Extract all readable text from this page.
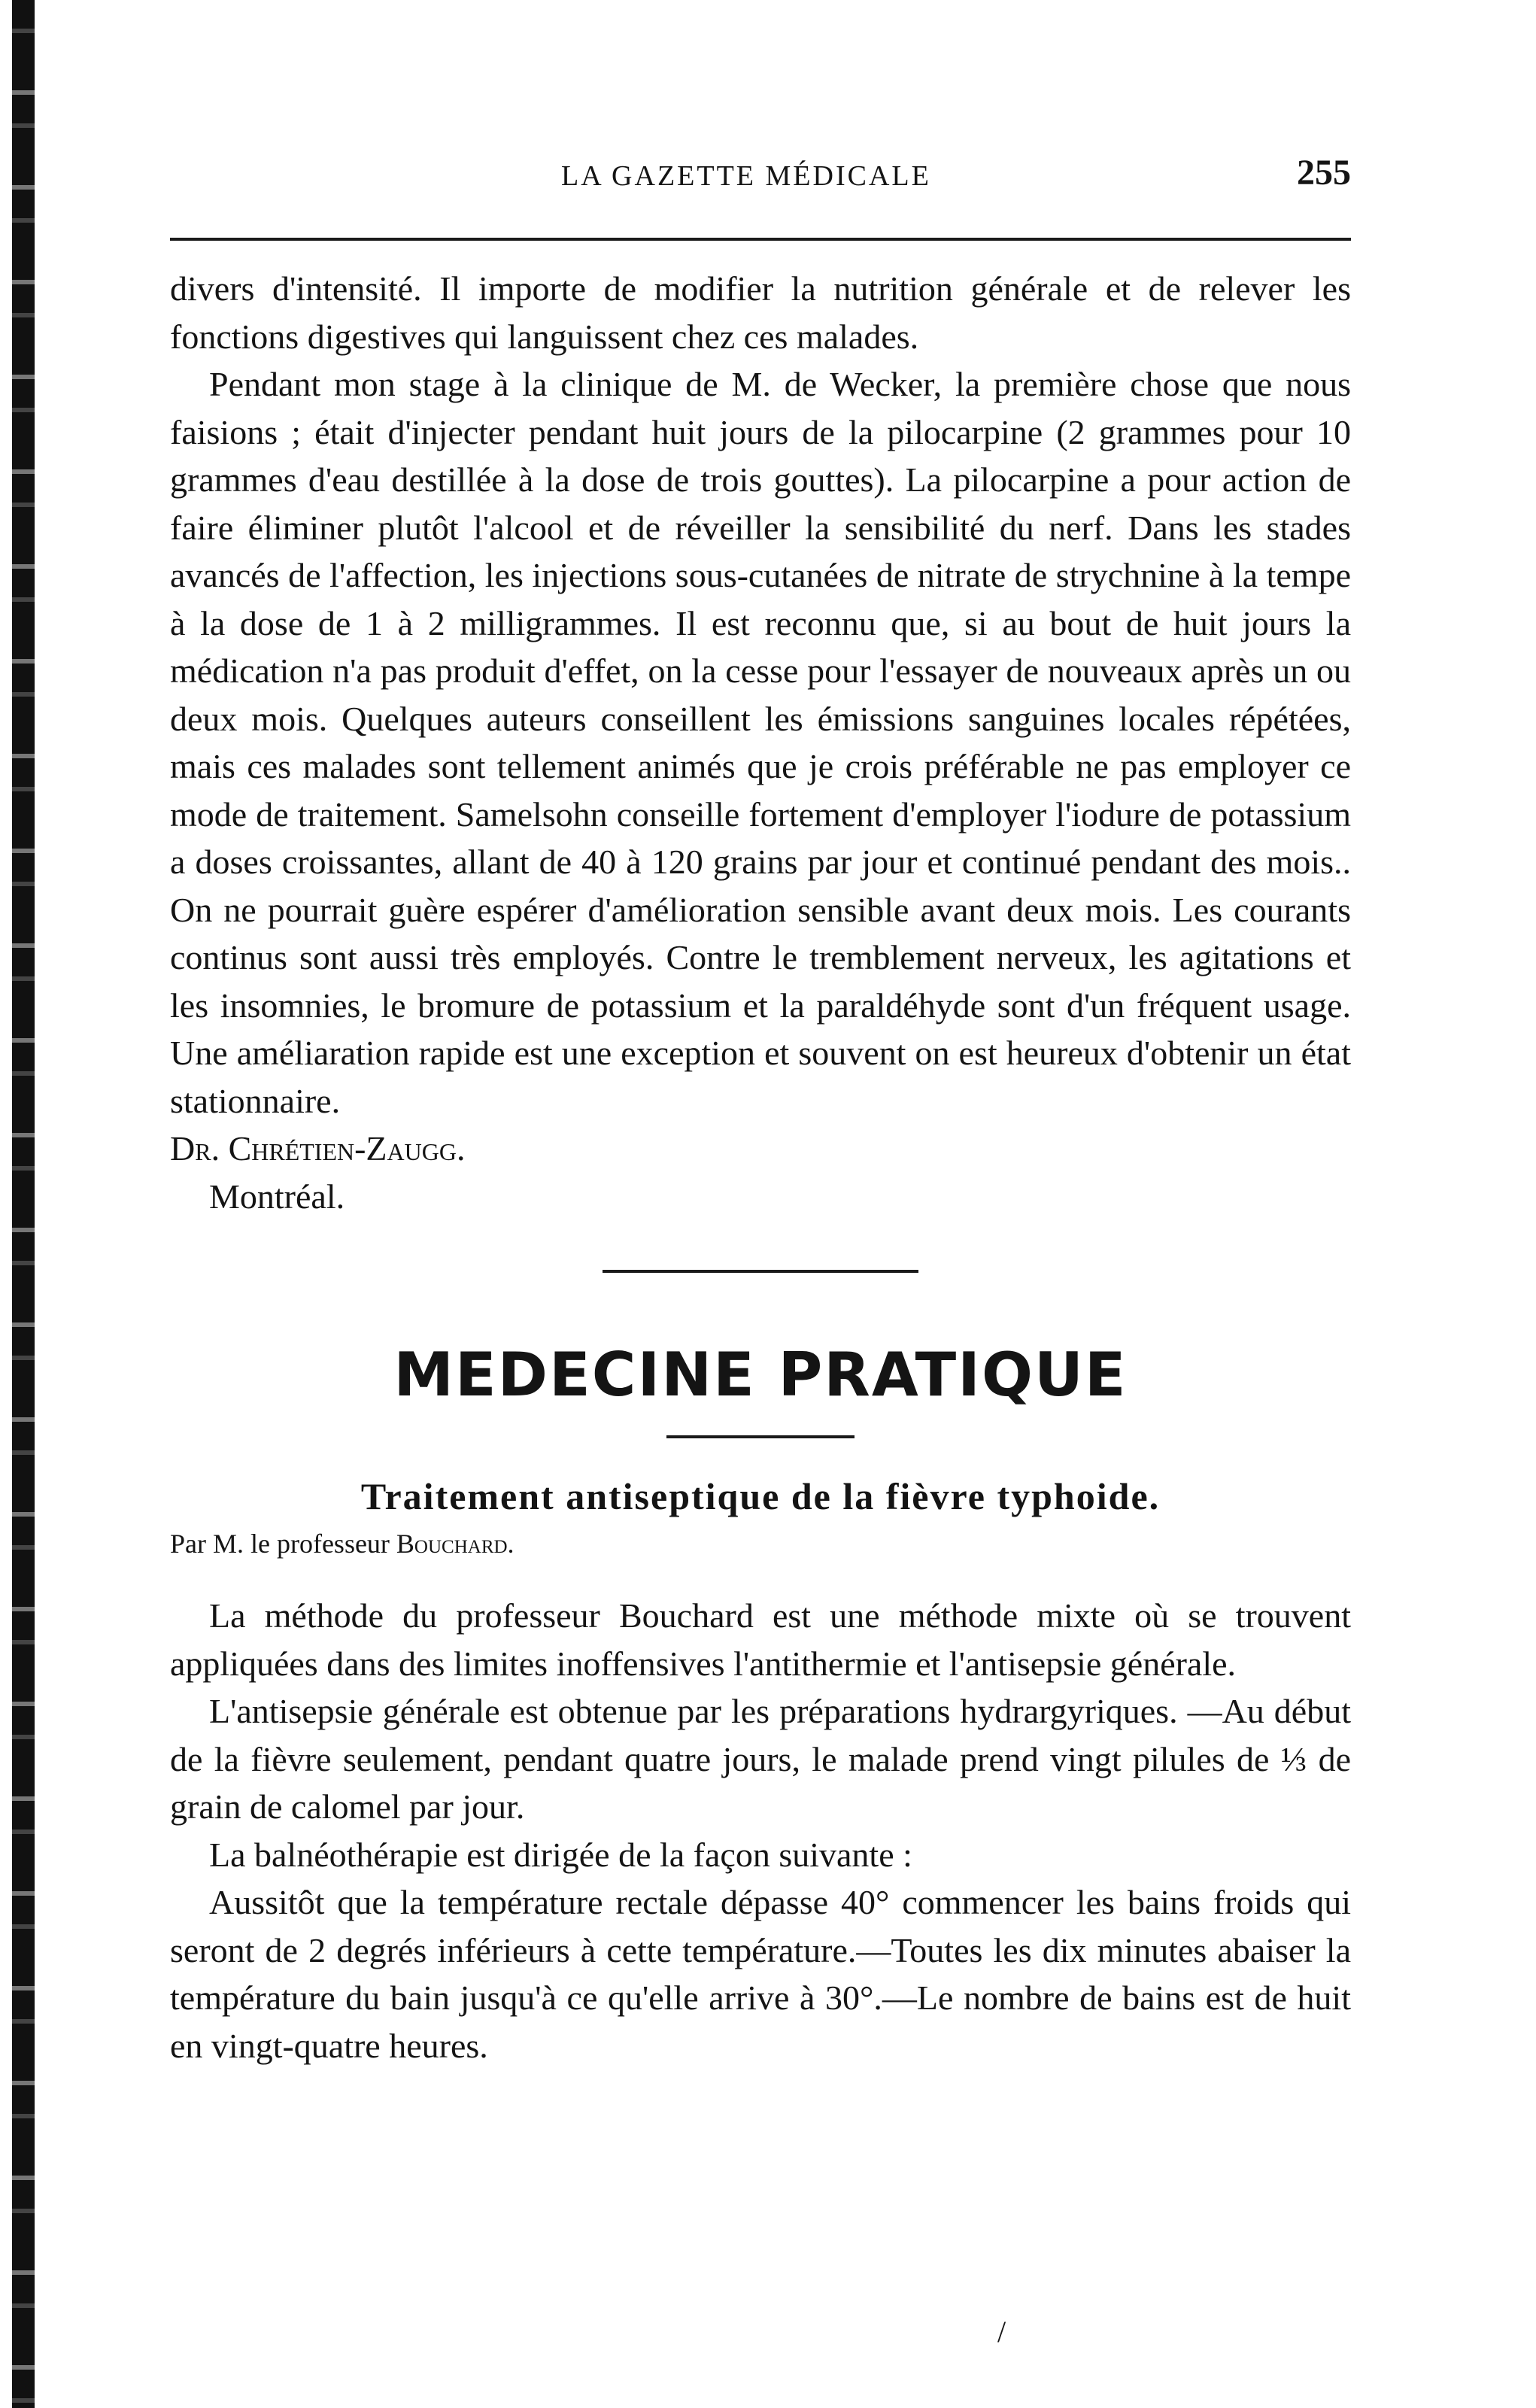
LA GAZETTE MÉDICALE	255

divers d'intensité. Il importe de modifier la nutrition générale et de relever les fonctions digestives qui languissent chez ces malades.

Pendant mon stage à la clinique de M. de Wecker, la première chose que nous faisions ; était d'injecter pendant huit jours de la pilocarpine (2 grammes pour 10 grammes d'eau destillée à la dose de trois gouttes). La pilocarpine a pour action de faire éliminer plutôt l'alcool et de réveiller la sensibilité du nerf. Dans les stades avancés de l'affection, les injections sous-cutanées de nitrate de strychnine à la tempe à la dose de 1 à 2 milligrammes. Il est reconnu que, si au bout de huit jours la médication n'a pas produit d'effet, on la cesse pour l'essayer de nouveaux après un ou deux mois. Quelques auteurs conseillent les émissions sanguines locales répétées, mais ces malades sont tellement animés que je crois préférable ne pas employer ce mode de traitement. Samelsohn conseille fortement d'employer l'iodure de potassium a doses croissantes, allant de 40 à 120 grains par jour et continué pendant des mois.. On ne pourrait guère espérer d'amélioration sensible avant deux mois. Les courants continus sont aussi très employés. Contre le tremblement nerveux, les agitations et les insomnies, le bromure de potassium et la paraldéhyde sont d'un fréquent usage. Une améliaration rapide est une exception et souvent on est heureux d'obtenir un état stationnaire.

Dr. Chrétien-Zaugg.

Montréal.

MEDECINE PRATIQUE
Traitement antiseptique de la fièvre typhoide.

Par M. le professeur Bouchard.

La méthode du professeur Bouchard est une méthode mixte où se trouvent appliquées dans des limites inoffensives l'antithermie et l'antisepsie générale.

L'antisepsie générale est obtenue par les préparations hydrargyriques. —Au début de la fièvre seulement, pendant quatre jours, le malade prend vingt pilules de ⅓ de grain de calomel par jour.

La balnéothérapie est dirigée de la façon suivante :

Aussitôt que la température rectale dépasse 40° commencer les bains froids qui seront de 2 degrés inférieurs à cette température.—Toutes les dix minutes abaiser la température du bain jusqu'à ce qu'elle arrive à 30°.—Le nombre de bains est de huit en vingt-quatre heures.

/
